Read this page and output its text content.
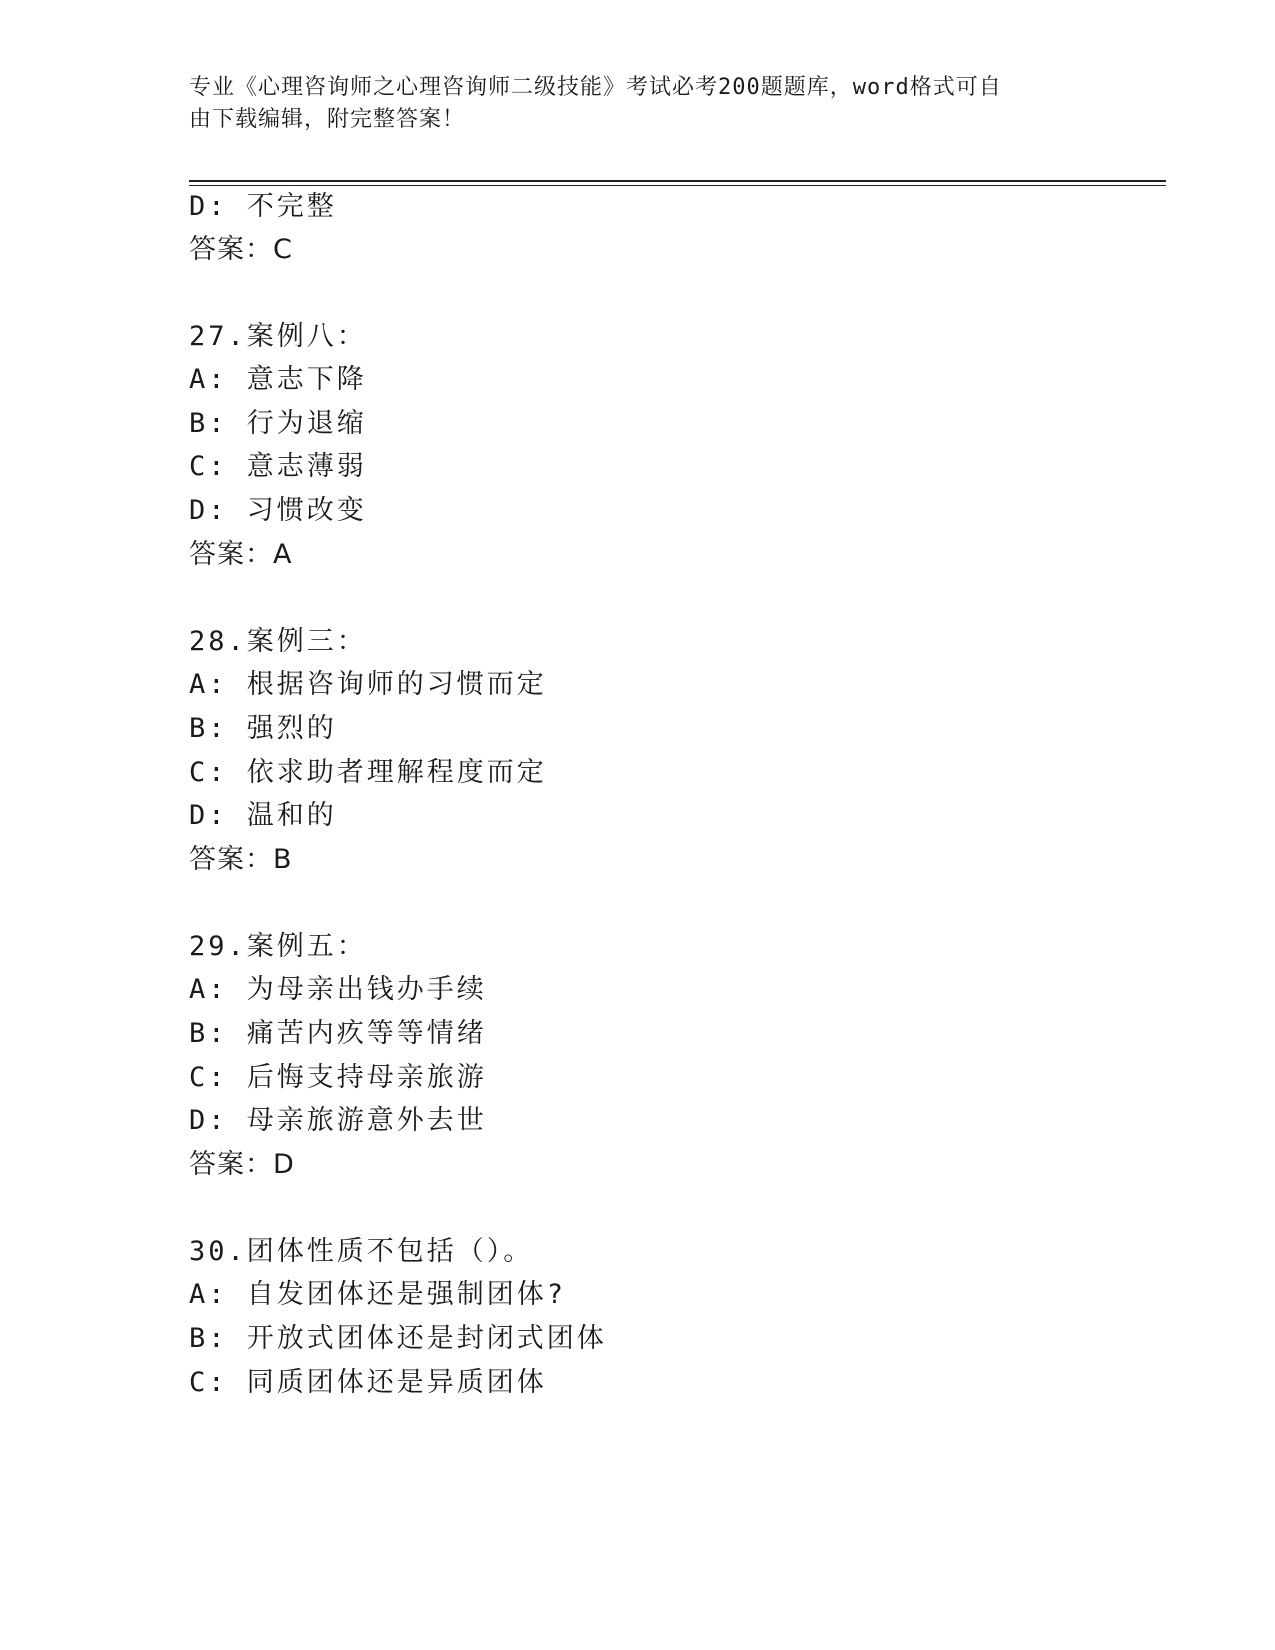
专业《心理咨询师之心理咨询师二级技能》考试必考200题题库，word格式可自
由下载编辑，附完整答案！
D: 不完整
答案：C
27.案例八：
A: 意志下降
B: 行为退缩
C: 意志薄弱
D: 习惯改变
答案：A
28.案例三：
A: 根据咨询师的习惯而定
B: 强烈的
C: 依求助者理解程度而定
D: 温和的
答案：B
29.案例五：
A: 为母亲出钱办手续
B: 痛苦内疚等等情绪
C: 后悔支持母亲旅游
D: 母亲旅游意外去世
答案：D
30.团体性质不包括（）。
A: 自发团体还是强制团体?
B: 开放式团体还是封闭式团体
C: 同质团体还是异质团体
